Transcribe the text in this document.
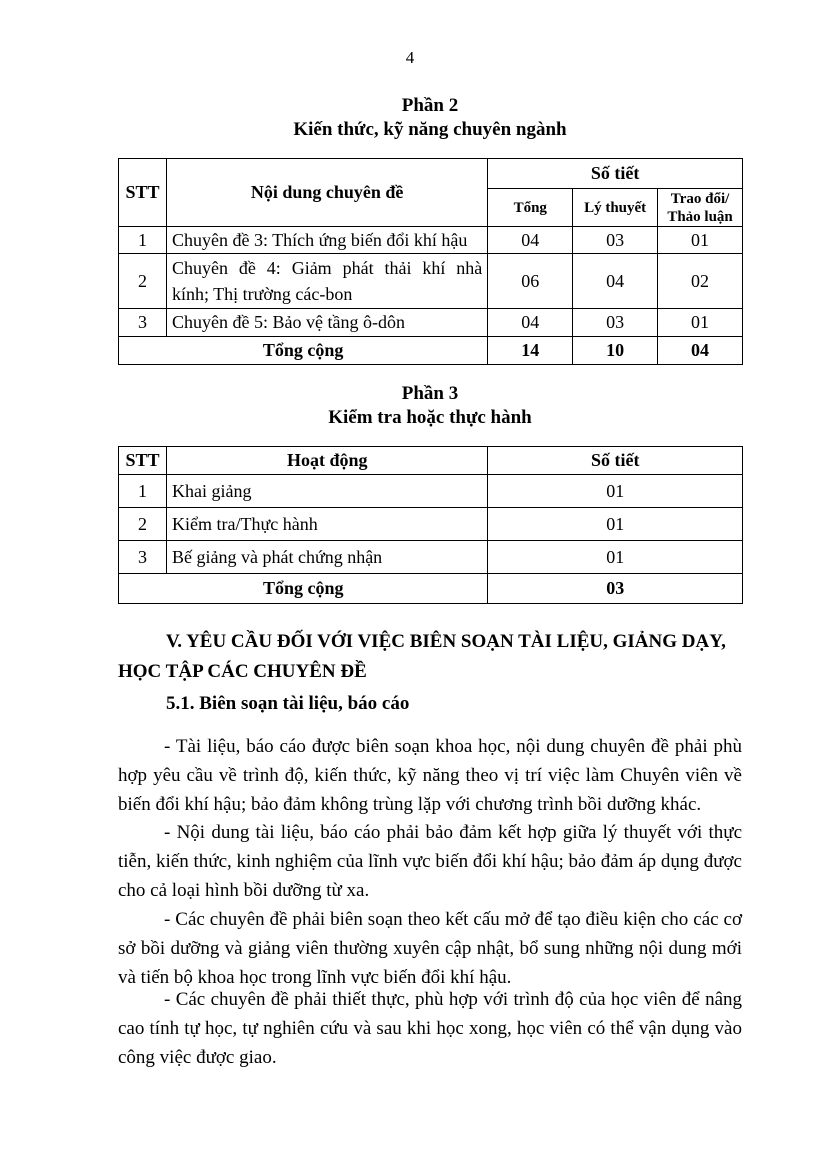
4
Phần 2
Kiến thức, kỹ năng chuyên ngành
STT	Nội dung chuyên đề	Số tiết		
		Tổng	Lý thuyết	Trao đổi/
Thảo luận

1	Chuyên đề 3: Thích ứng biến đổi khí hậu	04	03	01
2	Chuyên đề 4: Giảm phát thải khí nhà
kính; Thị trường các-bon	06	04	02
3	Chuyên đề 5: Bảo vệ tầng ô-dôn	04	03	01
Tổng cộng		14	10	04
Phần 3
Kiểm tra hoặc thực hành
STT	Hoạt động	Số tiết
1	Khai giảng	01
2	Kiểm tra/Thực hành	01
3	Bế giảng và phát chứng nhận	01
Tổng cộng		03
V. YÊU CẦU ĐỐI VỚI VIỆC BIÊN SOẠN TÀI LIỆU, GIẢNG DẠY,
HỌC TẬP CÁC CHUYÊN ĐỀ
5.1. Biên soạn tài liệu, báo cáo

- Tài liệu, báo cáo được biên soạn khoa học, nội dung chuyên đề phải phù hợp yêu cầu về trình độ, kiến thức, kỹ năng theo vị trí việc làm Chuyên viên về biến đổi khí hậu; bảo đảm không trùng lặp với chương trình bồi dưỡng khác.

- Nội dung tài liệu, báo cáo phải bảo đảm kết hợp giữa lý thuyết với thực tiễn, kiến thức, kinh nghiệm của lĩnh vực biến đổi khí hậu; bảo đảm áp dụng được cho cả loại hình bồi dưỡng từ xa.

- Các chuyên đề phải biên soạn theo kết cấu mở để tạo điều kiện cho các cơ sở bồi dưỡng và giảng viên thường xuyên cập nhật, bổ sung những nội dung mới và tiến bộ khoa học trong lĩnh vực biến đổi khí hậu.

- Các chuyên đề phải thiết thực, phù hợp với trình độ của học viên để nâng cao tính tự học, tự nghiên cứu và sau khi học xong, học viên có thể vận dụng vào công việc được giao.
